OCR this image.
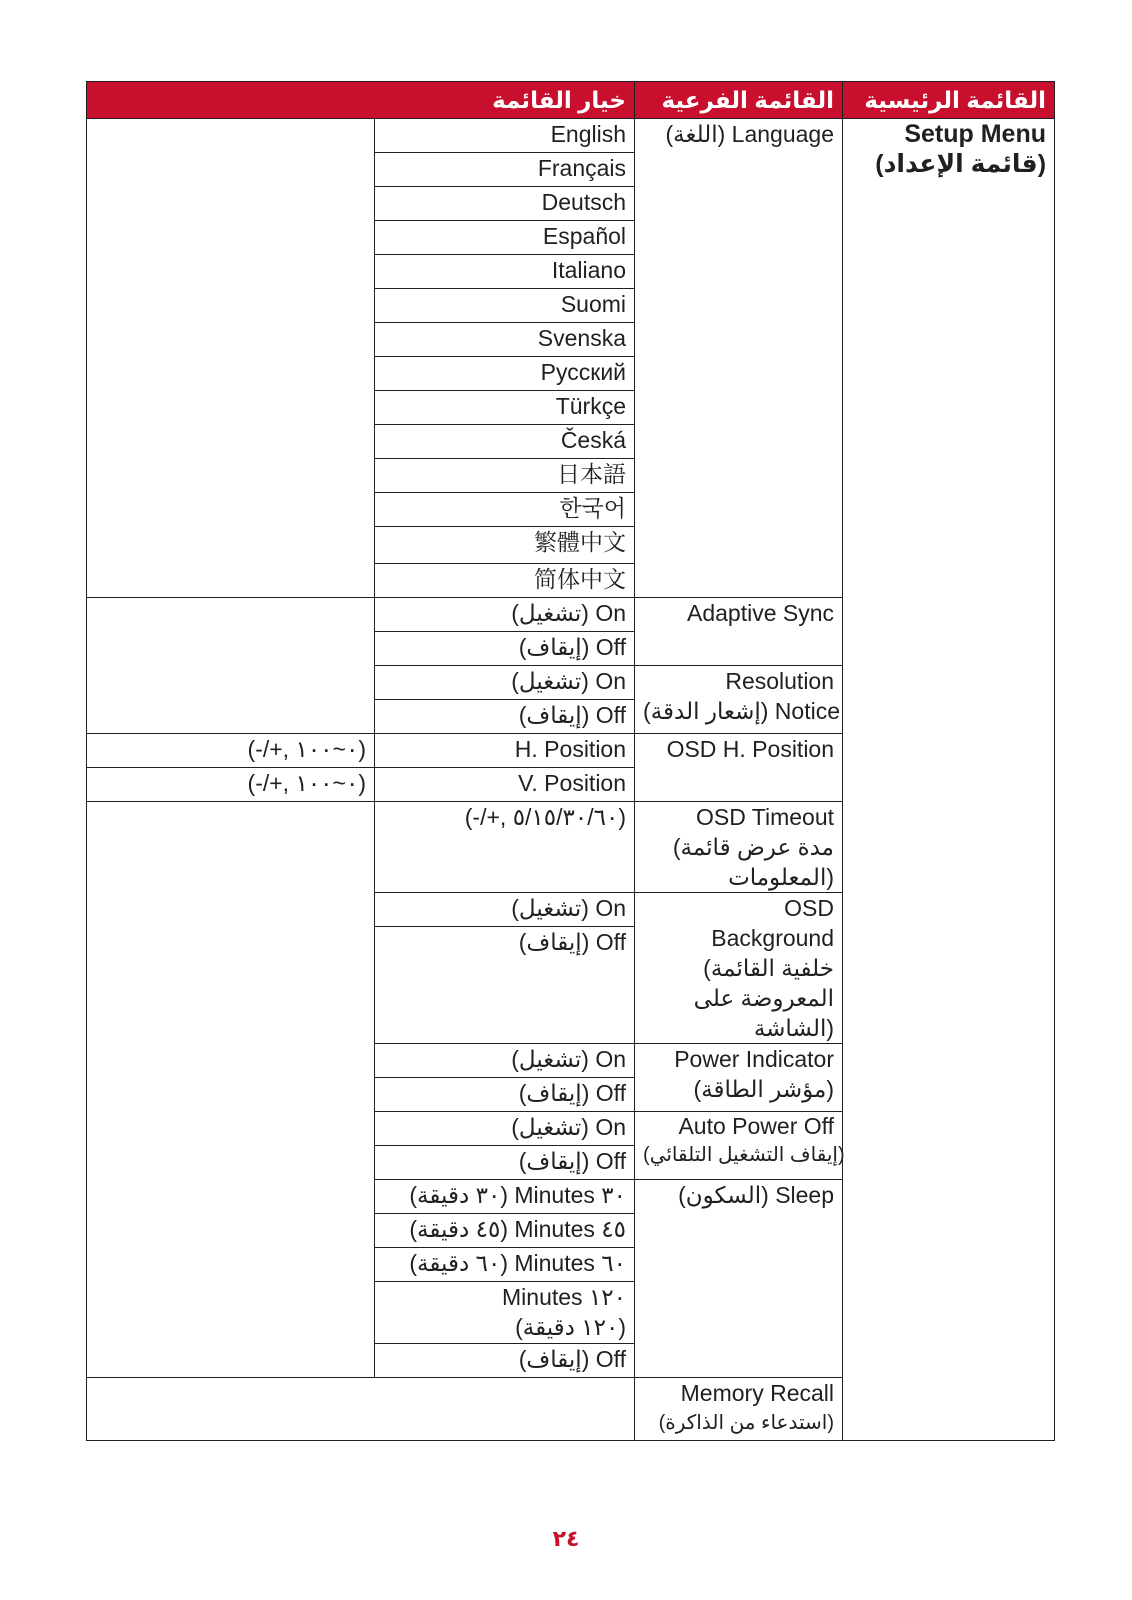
خيار القائمة		القائمة الفرعية	القائمة الرئيسية
	English	(اللغة) Language	Setup Menu
(قائمة الإعداد)

	Français		
	Deutsch		
	Español		
	Italiano		
	Suomi		
	Svenska		
	Русский		
	Türkçe		
	Česká		
	日本語		
	한국어		
	繁體中文		
	简体中文		
	(تشغيل) On	Adaptive Sync	
	(إيقاف) Off		
	(تشغيل) On	Resolution
(إشعار الدقة) Notice	

	(إيقاف) Off		
(-/+, ٠~١٠٠)	H. Position	OSD H. Position	
(-/+, ٠~١٠٠)	V. Position		
	(-/+, ٥/١٥/٣٠/٦٠)	OSD Timeout
(مدة عرض قائمة
المعلومات)	

	(تشغيل) On	OSD
Background
(خلفية القائمة
المعروضة على
الشاشة)	

	(إيقاف) Off		
	(تشغيل) On	Power Indicator
(مؤشر الطاقة)	

	(إيقاف) Off		
	(تشغيل) On	Auto Power Off
(إيقاف التشغيل التلقائي)	

	(إيقاف) Off		
	(٣٠ دقيقة) Minutes ٣٠	(السكون) Sleep	
	(٤٥ دقيقة) Minutes ٤٥		
	(٦٠ دقيقة) Minutes ٦٠		

	Minutes ١٢٠
(١٢٠ دقيقة)		

	(إيقاف) Off		

		Memory Recall
(استدعاء من الذاكرة)	
٢٤
